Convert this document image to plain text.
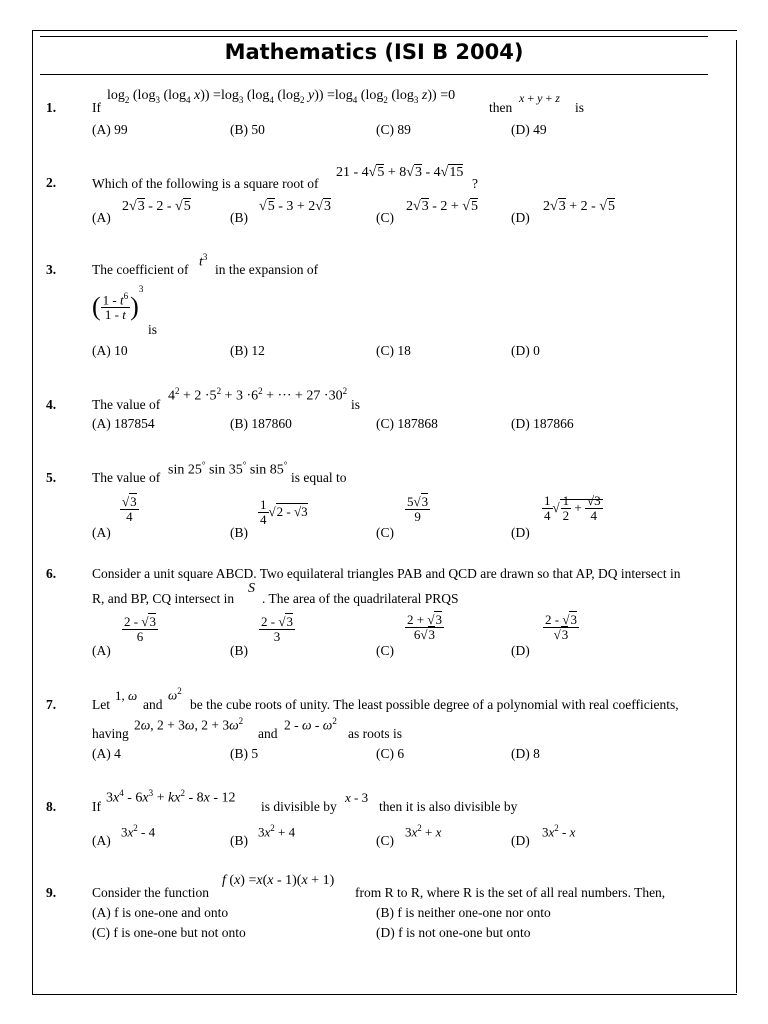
Mathematics (ISI B 2004)
1.	If
$\log_2 (\log_3$ ($\log_4$ $x)) =\log_3$ ($\log_4$ ($\log_2$ $y)) =\log_4$ ($\log_2$ ($\log_3$ z)) =0
then
x + y + z
is
(A) 99	(B) 50	(C) 89	(D) 49
2.	Which of the following is a square root of
21 - 4√5 + 8√3 - 4√15
?
(A)
2√3 - 2 - √5
(B)
√5 - 3 + 2√3
(C)
2√3 - 2 + √5
(D)
2√3 + 2 - √5
3.	The coefficient of $t^3$
in the expansion of
( $\frac{1 - t^6}{1 - t} )^3$
is
(A) 10	(B) 12	(C) 18	(D) 0
4.	The value of
$4^2 + 2 \cdot 5^2 + 3 \cdot 6^2$ + ··· + $27 \cdot 30^2$
is
(A) 187854	(B) 187860	(C) 187868	(D) 187866
5.	The value of sin 25° sin 35° sin 85°
is equal to
(A)
$\frac{√3}{4}$
(B)
$\frac{1}{4} √2 - √3$
(C)
$\frac{5√3}{9}$
(D)
$\frac{1}{4}$ √ $\frac{1}{2} + \frac{√3}{4}$
6.	Consider a unit square ABCD. Two equilateral triangles PAB and QCD are drawn so that AP, DQ intersect in
R, and BP, CQ intersect in
S
. The area of the quadrilateral PRQS
(A)
$\frac{2 - √3}{6}$
(B)
$\frac{2 - √3}{3}$
(C)
$\frac{2 + √3}{6√3}$
(D)
$\frac{2 - √3}{√3}$
7.	Let
1, ω
and
$\omega^2$
be the cube roots of unity. The least possible degree of a polynomial with real coefficients,
having
2ω, 2 + 3ω, $2 + 3\omega^2$
and
2 - ω - $\omega^2$
as roots is
(A) 4	(B) 5	(C) 6	(D) 8
8.	If
$3x^4 - 6x^3 + kx^2 - 8x - 12$
is divisible by
x - 3
then it is also divisible by
(A)
$3x^2 - 4$
(B)
$3x^2 + 4$
(C)
$3x^2 + x$
(D)
$3x^2$ - x
9.	Consider the function
f (x) =x(x - 1)(x + 1)
from R to R, where R is the set of all real numbers. Then,
(A) f is one-one and onto	(B) f is neither one-one nor onto
(C) f is one-one but not onto	(D) f is not one-one but onto
